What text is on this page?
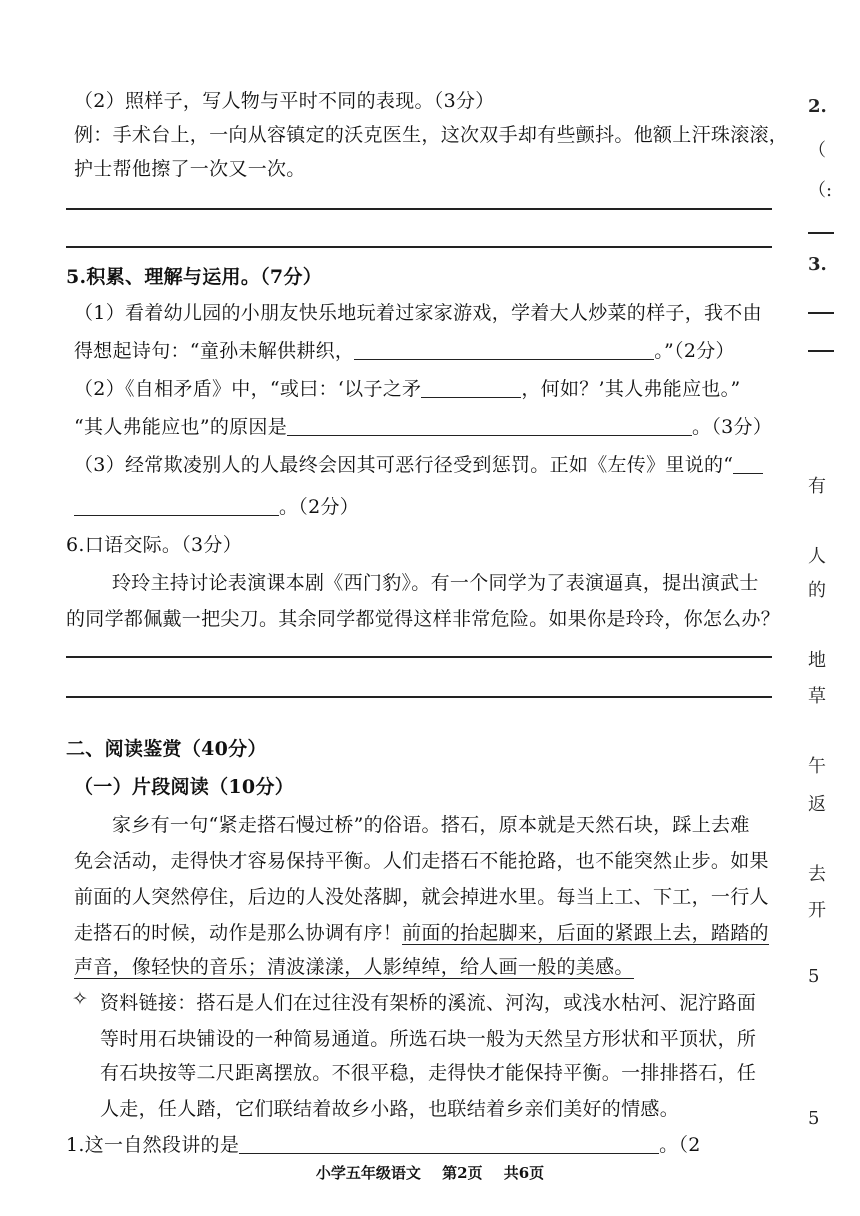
（2）照样子，写人物与平时不同的表现。（3分）
例：手术台上，一向从容镇定的沃克医生，这次双手却有些颤抖。他额上汗珠滚滚，
护士帮他擦了一次又一次。
5.积累、理解与运用。（7分）
（1）看着幼儿园的小朋友快乐地玩着过家家游戏，学着大人炒菜的样子，我不由
得想起诗句：“童孙未解供耕织，	。”（2分）
（2）《自相矛盾》中，“或曰：‘以子之矛	，何如？’其人弗能应也。”
“其人弗能应也”的原因是	。（3分）
（3）经常欺凌别人的人最终会因其可恶行径受到惩罚。正如《左传》里说的“
。（2分）
6.口语交际。（3分）
玲玲主持讨论表演课本剧《西门豹》。有一个同学为了表演逼真，提出演武士
的同学都佩戴一把尖刀。其余同学都觉得这样非常危险。如果你是玲玲，你怎么办？
二、阅读鉴赏（40分）
（一）片段阅读（10分）
家乡有一句“紧走搭石慢过桥”的俗语。搭石，原本就是天然石块，踩上去难
免会活动，走得快才容易保持平衡。人们走搭石不能抢路，也不能突然止步。如果
前面的人突然停住，后边的人没处落脚，就会掉进水里。每当上工、下工，一行人
走搭石的时候，动作是那么协调有序！前面的抬起脚来，后面的紧跟上去，踏踏的
声音，像轻快的音乐；清波漾漾，人影绰绰，给人画一般的美感。
✧ 资料链接：搭石是人们在过往没有架桥的溪流、河沟，或浅水枯河、泥泞路面
等时用石块铺设的一种简易通道。所选石块一般为天然呈方形状和平顶状，所
有石块按等二尺距离摆放。不很平稳，走得快才能保持平衡。一排排搭石，任
人走，任人踏，它们联结着故乡小路，也联结着乡亲们美好的情感。
1.这一自然段讲的是	。（2
小学五年级语文 第2页 共6页
2.
（
（:
3.
有
人
的
地
草
午
返
去
开
5
5
